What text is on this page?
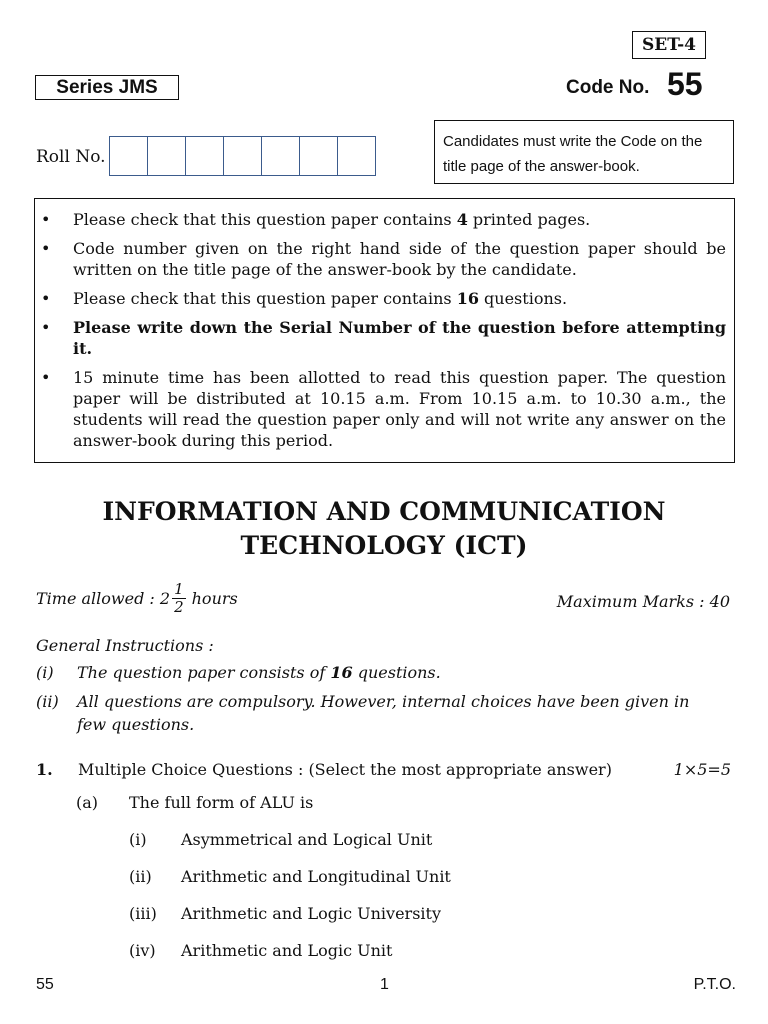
SET-4
Series JMS	Code No. 55
Roll No.
Candidates must write the Code on the title page of the answer-book.
•	Please check that this question paper contains 4 printed pages.
•	Code number given on the right hand side of the question paper should be written on the title page of the answer-book by the candidate.
•	Please check that this question paper contains 16 questions.
•	Please write down the Serial Number of the question before attempting it.
•	15 minute time has been allotted to read this question paper. The question paper will be distributed at 10.15 a.m. From 10.15 a.m. to 10.30 a.m., the students will read the question paper only and will not write any answer on the answer-book during this period.
INFORMATION AND COMMUNICATION
TECHNOLOGY (ICT)
Time allowed : $2 \frac{1}{2}$ hours	Maximum Marks : 40
General Instructions :
(i)	The question paper consists of 16 questions.
(ii)	All questions are compulsory. However, internal choices have been given in few questions.
1.	Multiple Choice Questions : (Select the most appropriate answer)	1×5=5
(a)	The full form of ALU is
(i)	Asymmetrical and Logical Unit
(ii)	Arithmetic and Longitudinal Unit
(iii)	Arithmetic and Logic University
(iv)	Arithmetic and Logic Unit
55	1	P.T.O.
